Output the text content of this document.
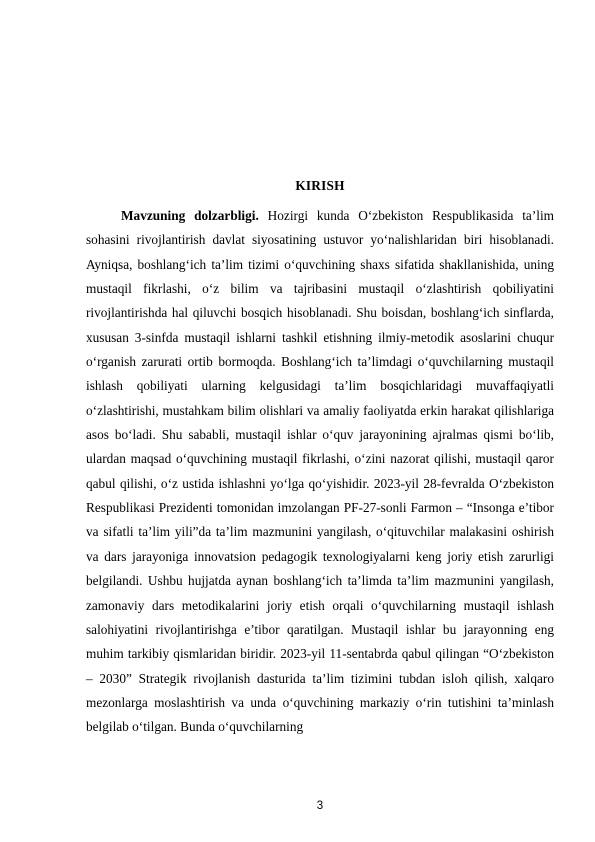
KIRISH

Mavzuning dolzarbligi. Hozirgi kunda O‘zbekiston Respublikasida ta’lim sohasini rivojlantirish davlat siyosatining ustuvor yo‘nalishlaridan biri hisoblanadi. Ayniqsa, boshlang‘ich ta’lim tizimi o‘quvchining shaxs sifatida shakllanishida, uning mustaqil fikrlashi, o‘z bilim va tajribasini mustaqil o‘zlashtirish qobiliyatini rivojlantirishda hal qiluvchi bosqich hisoblanadi. Shu boisdan, boshlang‘ich sinflarda, xususan 3-sinfda mustaqil ishlarni tashkil etishning ilmiy-metodik asoslarini chuqur o‘rganish zarurati ortib bormoqda. Boshlang‘ich ta’limdagi o‘quvchilarning mustaqil ishlash qobiliyati ularning kelgusidagi ta’lim bosqichlaridagi muvaffaqiyatli o‘zlashtirishi, mustahkam bilim olishlari va amaliy faoliyatda erkin harakat qilishlariga asos bo‘ladi. Shu sababli, mustaqil ishlar o‘quv jarayonining ajralmas qismi bo‘lib, ulardan maqsad o‘quvchining mustaqil fikrlashi, o‘zini nazorat qilishi, mustaqil qaror qabul qilishi, o‘z ustida ishlashni yo‘lga qo‘yishidir. 2023-yil 28-fevralda O‘zbekiston Respublikasi Prezidenti tomonidan imzolangan PF-27-sonli Farmon – “Insonga e’tibor va sifatli ta’lim yili”da ta’lim mazmunini yangilash, o‘qituvchilar malakasini oshirish va dars jarayoniga innovatsion pedagogik texnologiyalarni keng joriy etish zarurligi belgilandi. Ushbu hujjatda aynan boshlang‘ich ta’limda ta’lim mazmunini yangilash, zamonaviy dars metodikalarini joriy etish orqali o‘quvchilarning mustaqil ishlash salohiyatini rivojlantirishga e’tibor qaratilgan. Mustaqil ishlar bu jarayonning eng muhim tarkibiy qismlaridan biridir. 2023-yil 11-sentabrda qabul qilingan “O‘zbekiston – 2030” Strategik rivojlanish dasturida ta’lim tizimini tubdan isloh qilish, xalqaro mezonlarga moslashtirish va unda o‘quvchining markaziy o‘rin tutishini ta’minlash belgilab o‘tilgan. Bunda o‘quvchilarning

3
